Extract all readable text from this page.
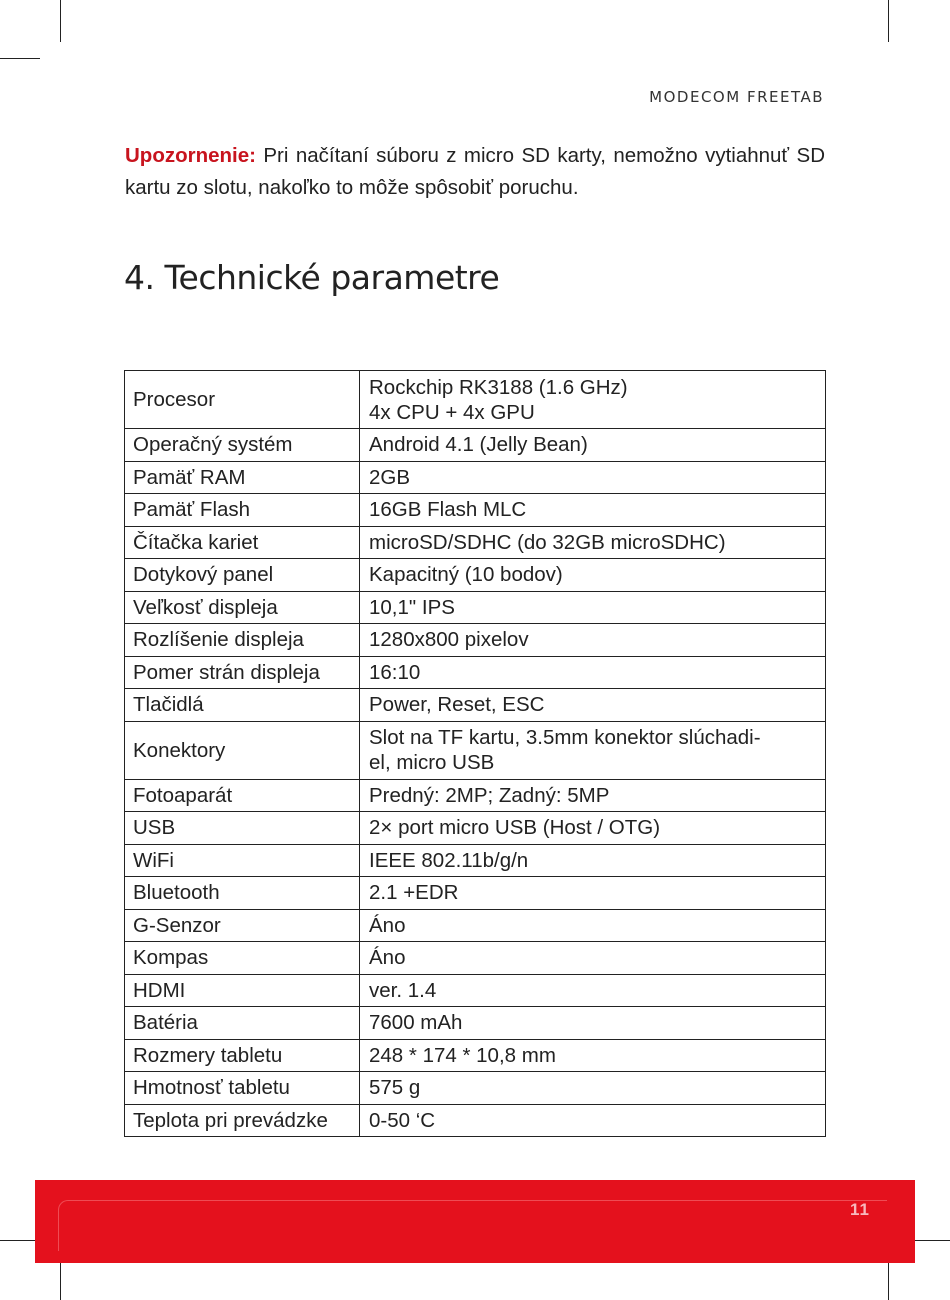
MODECOM FREETAB

Upozornenie: Pri načítaní súboru z micro SD karty, nemožno vytiahnuť SD kartu zo slotu, nakoľko to môže spôsobiť poruchu.

4. Technické parametre
Procesor	Rockchip RK3188 (1.6 GHz)
4x CPU + 4x GPU

Operačný systém	Android 4.1 (Jelly Bean)

Pamäť RAM	2GB

Pamäť Flash	16GB Flash MLC

Čítačka kariet	microSD/SDHC (do 32GB microSDHC)

Dotykový panel	Kapacitný (10 bodov)

Veľkosť displeja	10,1" IPS

Rozlíšenie displeja	1280x800 pixelov

Pomer strán displeja	16:10

Tlačidlá	Power, Reset, ESC

Konektory	Slot na TF kartu, 3.5mm konektor slúchadi-
el, micro USB

Fotoaparát	Predný: 2MP; Zadný: 5MP

USB	2× port micro USB (Host / OTG)

WiFi	IEEE 802.11b/g/n

Bluetooth	2.1 +EDR

G-Senzor	Áno

Kompas	Áno

HDMI	ver. 1.4

Batéria	7600 mAh

Rozmery tabletu	248 * 174 * 10,8 mm

Hmotnosť tabletu	575 g

Teplota pri prevádzke	0-50 ‘C
11
